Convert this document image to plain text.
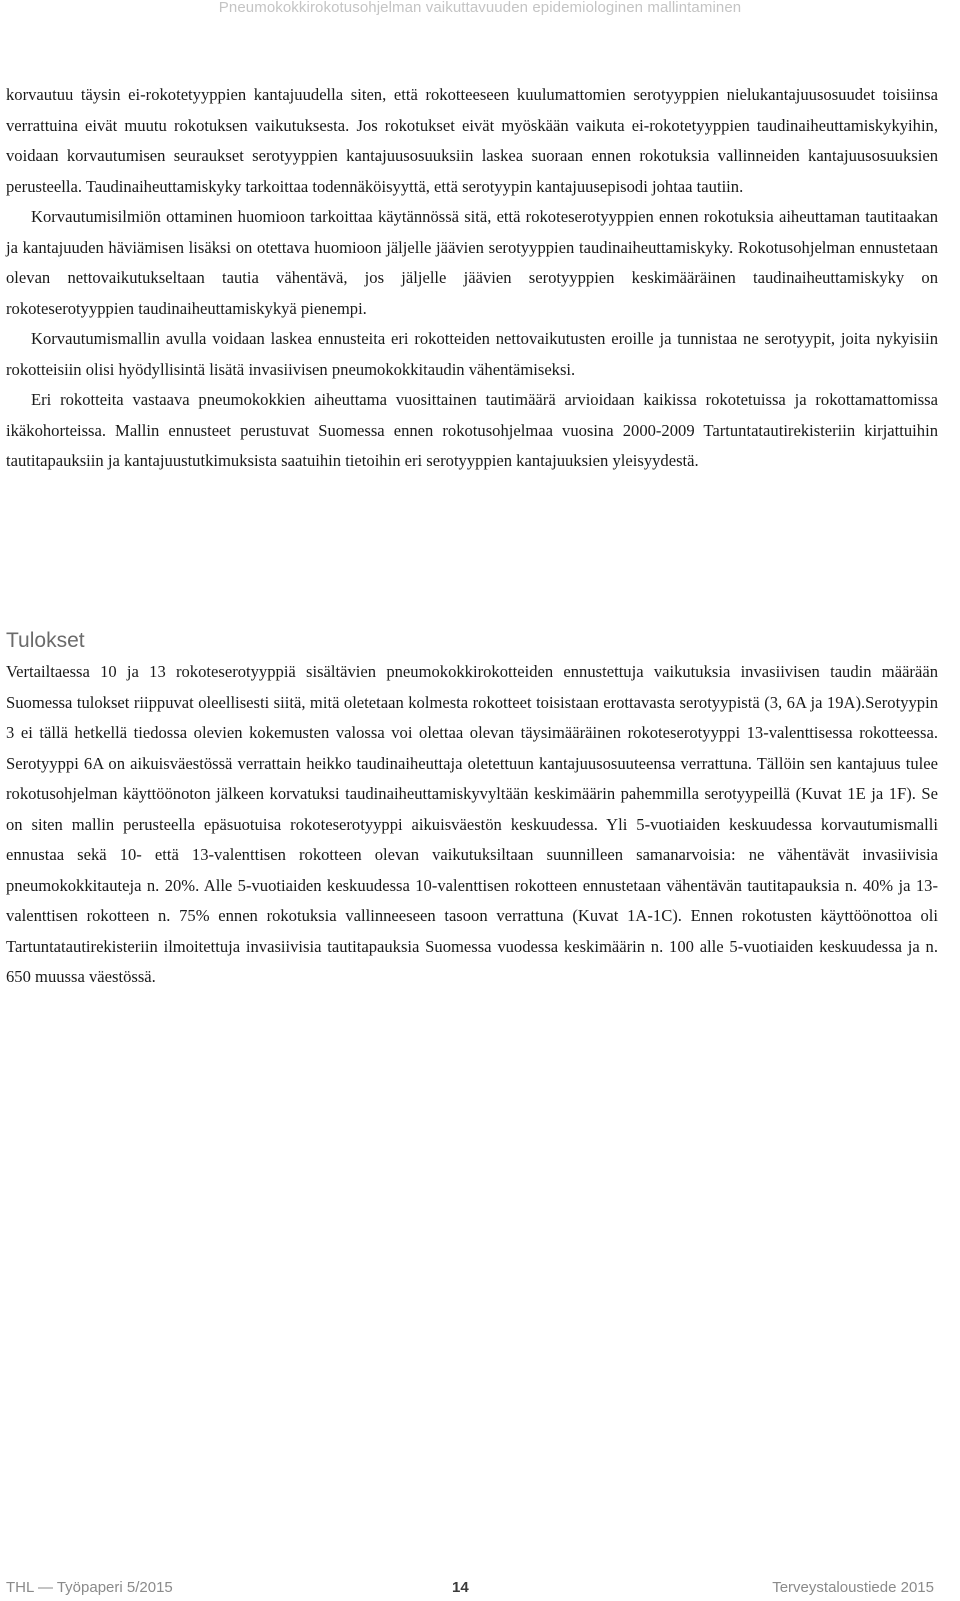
Pneumokokkirokotusohjelman vaikuttavuuden epidemiologinen mallintaminen

korvautuu täysin ei-rokotetyyppien kantajuudella siten, että rokotteeseen kuulumattomien serotyyppien nielukantajuusosuudet toisiinsa verrattuina eivät muutu rokotuksen vaikutuksesta. Jos rokotukset eivät myöskään vaikuta ei-rokotetyyppien taudinaiheuttamiskykyihin, voidaan korvautumisen seuraukset serotyyppien kantajuusosuuksiin laskea suoraan ennen rokotuksia vallinneiden kantajuusosuuksien perusteella. Taudinaiheuttamiskyky tarkoittaa todennäköisyyttä, että serotyypin kantajuusepisodi johtaa tautiin.

Korvautumisilmiön ottaminen huomioon tarkoittaa käytännössä sitä, että rokoteserotyyppien ennen rokotuksia aiheuttaman tautitaakan ja kantajuuden häviämisen lisäksi on otettava huomioon jäljelle jäävien serotyyppien taudinaiheuttamiskyky. Rokotusohjelman ennustetaan olevan nettovaikutukseltaan tautia vähentävä, jos jäljelle jäävien serotyyppien keskimääräinen taudinaiheuttamiskyky on rokoteserotyyppien taudinaiheuttamiskykyä pienempi.

Korvautumismallin avulla voidaan laskea ennusteita eri rokotteiden nettovaikutusten eroille ja tunnistaa ne serotyypit, joita nykyisiin rokotteisiin olisi hyödyllisintä lisätä invasiivisen pneumokokkitaudin vähentämiseksi.

Eri rokotteita vastaava pneumokokkien aiheuttama vuosittainen tautimäärä arvioidaan kaikissa rokotetuissa ja rokottamattomissa ikäkohorteissa. Mallin ennusteet perustuvat Suomessa ennen rokotusohjelmaa vuosina 2000-2009 Tartuntatautirekisteriin kirjattuihin tautitapauksiin ja kantajuustutkimuksista saatuihin tietoihin eri serotyyppien kantajuuksien yleisyydestä.

Tulokset

Vertailtaessa 10 ja 13 rokoteserotyyppiä sisältävien pneumokokkirokotteiden ennustettuja vaikutuksia invasiivisen taudin määrään Suomessa tulokset riippuvat oleellisesti siitä, mitä oletetaan kolmesta rokotteet toisistaan erottavasta serotyypistä (3, 6A ja 19A).Serotyypin 3 ei tällä hetkellä tiedossa olevien kokemusten valossa voi olettaa olevan täysimääräinen rokoteserotyyppi 13-valenttisessa rokotteessa. Serotyyppi 6A on aikuisväestössä verrattain heikko taudinaiheuttaja oletettuun kantajuusosuuteensa verrattuna. Tällöin sen kantajuus tulee rokotusohjelman käyttöönoton jälkeen korvatuksi taudinaiheuttamiskyvyltään keskimäärin pahemmilla serotyypeillä (Kuvat 1E ja 1F). Se on siten mallin perusteella epäsuotuisa rokoteserotyyppi aikuisväestön keskuudessa. Yli 5-vuotiaiden keskuudessa korvautumismalli ennustaa sekä 10- että 13-valenttisen rokotteen olevan vaikutuksiltaan suunnilleen samanarvoisia: ne vähentävät invasiivisia pneumokokkitauteja n. 20%. Alle 5-vuotiaiden keskuudessa 10-valenttisen rokotteen ennustetaan vähentävän tautitapauksia n. 40% ja 13-valenttisen rokotteen n. 75% ennen rokotuksia vallinneeseen tasoon verrattuna (Kuvat 1A-1C). Ennen rokotusten käyttöönottoa oli Tartuntatautirekisteriin ilmoitettuja invasiivisia tautitapauksia Suomessa vuodessa keskimäärin n. 100 alle 5-vuotiaiden keskuudessa ja n. 650 muussa väestössä.

THL — Työpaperi 5/2015	14	Terveystaloustiede 2015
